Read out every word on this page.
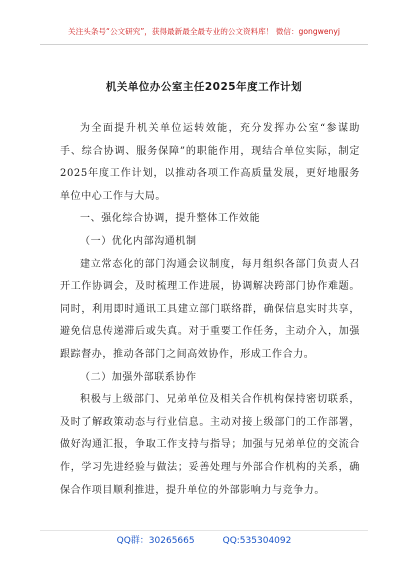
关注头条号“公文研究”，获得最新最全最专业的公文资料库！ 微信：gongwenyj
机关单位办公室主任2025年度工作计划

为全面提升机关单位运转效能，充分发挥办公室“参谋助手、综合协调、服务保障”的职能作用，现结合单位实际，制定2025年度工作计划，以推动各项工作高质量发展，更好地服务单位中心工作与大局。

一、强化综合协调，提升整体工作效能

（一）优化内部沟通机制

建立常态化的部门沟通会议制度，每月组织各部门负责人召开工作协调会，及时梳理工作进展，协调解决跨部门协作难题。同时，利用即时通讯工具建立部门联络群，确保信息实时共享，避免信息传递滞后或失真。对于重要工作任务，主动介入，加强跟踪督办，推动各部门之间高效协作，形成工作合力。

（二）加强外部联系协作

积极与上级部门、兄弟单位及相关合作机构保持密切联系，及时了解政策动态与行业信息。主动对接上级部门的工作部署，做好沟通汇报，争取工作支持与指导；加强与兄弟单位的交流合作，学习先进经验与做法；妥善处理与外部合作机构的关系，确保合作项目顺利推进，提升单位的外部影响力与竞争力。

QQ群：30265665	QQ:535304092
